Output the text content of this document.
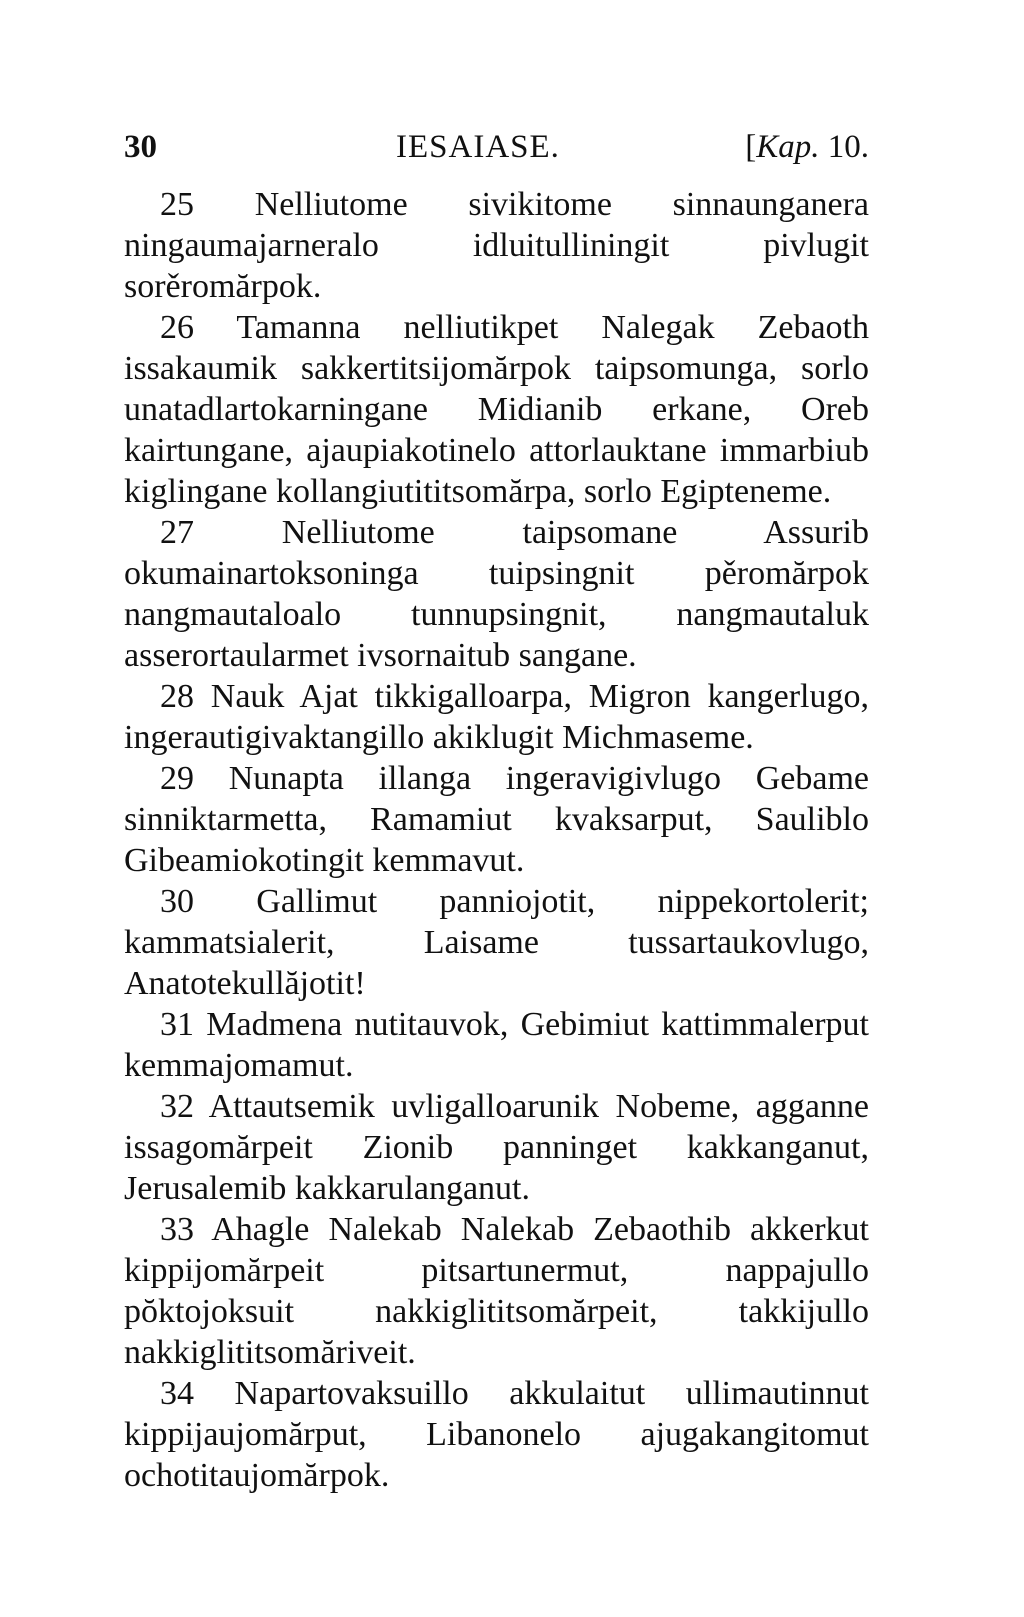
30	IESAIASE.	[Kap. 10.

25 Nelliutome sivikitome sinnaunganera ningaumajarneralo idluitulliningit pivlugit sorěromărpok.

26 Tamanna nelliutikpet Nalegak Zebaoth issakaumik sakkertitsijomărpok taipsomunga, sorlo unatadlartokarningane Midianib erkane, Oreb kairtungane, ajaupiakotinelo attorlauktane immarbiub kiglingane kollangiutititsomărpa, sorlo Egipteneme.

27	Nelliutome taipsomane Assurib okumainartoksoninga tuipsingnit pěromărpok nangmautaloalo tunnupsingnit, nangmautaluk asserortaularmet ivsornaitub sangane.

28 Nauk Ajat tikkigalloarpa, Migron kangerlugo, ingerautigivaktangillo akiklugit Michmaseme.

29 Nunapta illanga ingeravigivlugo Gebame sinniktarmetta, Ramamiut kvaksarput, Sauliblo Gibeamiokotingit kemmavut.

30 Gallimut panniojotit, nippekortolerit; kammatsialerit, Laisame tussartaukovlugo, Anatotekullăjotit!

31 Madmena nutitauvok, Gebimiut kattimmalerput kemmajomamut.

32 Attautsemik uvligalloarunik Nobeme, agganne issagomărpeit Zionib panninget kakkanganut, Jerusalemib kakkarulanganut.

33 Ahagle Nalekab Nalekab Zebaothib akkerkut kippijomărpeit pitsartunermut, nappajullo pŏktojoksuit nakkiglititsomărpeit, takkijullo nakkiglititsomărivеit.

34 Napartovaksuillo akkulaitut ullimautinnut kippijaujomărput, Libanonelo ajugakangitomut ochotitaujomărpok.
